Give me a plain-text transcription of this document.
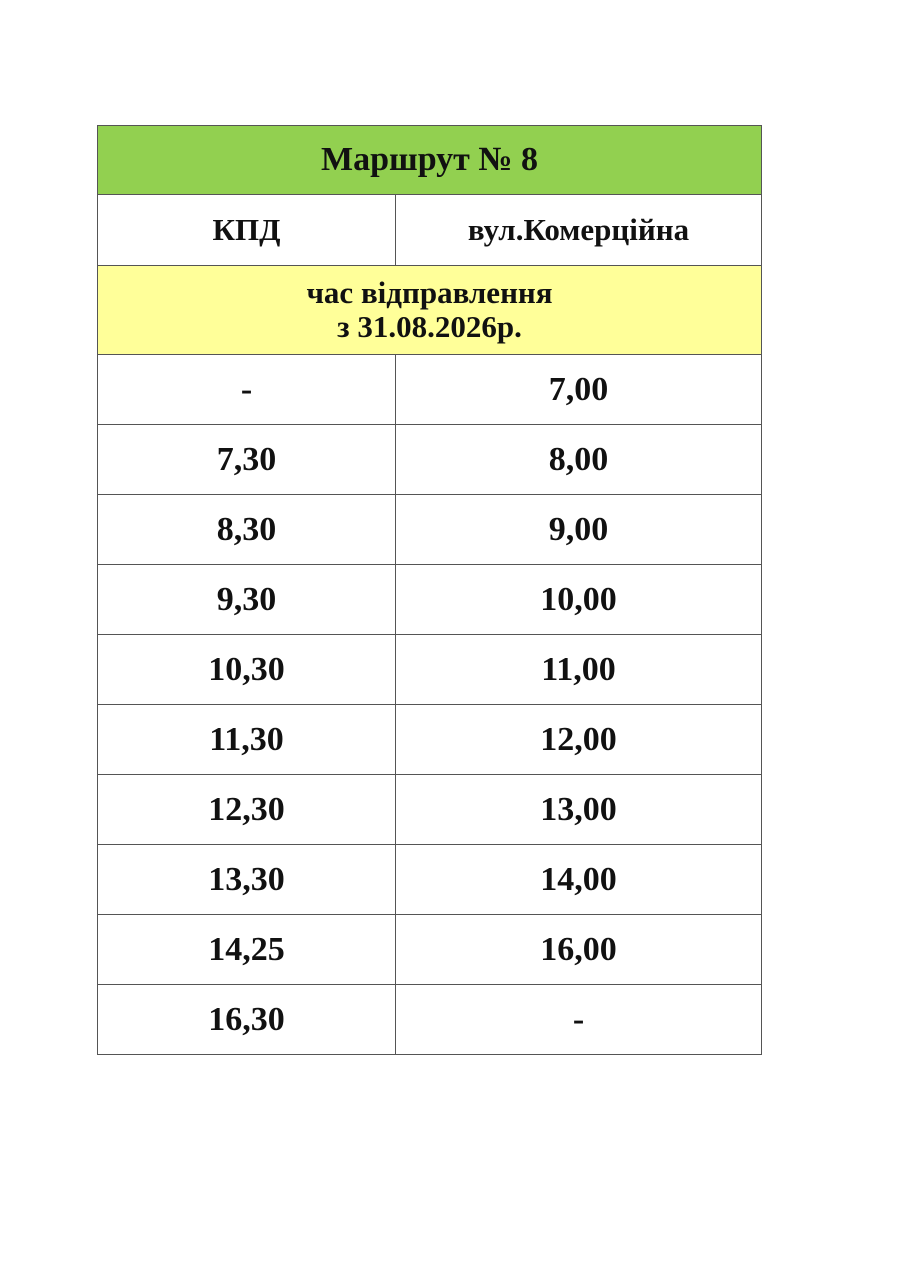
Маршрут № 8	
КПД	вул.Комерційна

час відправлення
з 31.08.2026р.	

-	7,00
7,30	8,00
8,30	9,00
9,30	10,00
10,30	11,00
11,30	12,00
12,30	13,00
13,30	14,00
14,25	16,00
16,30	-
